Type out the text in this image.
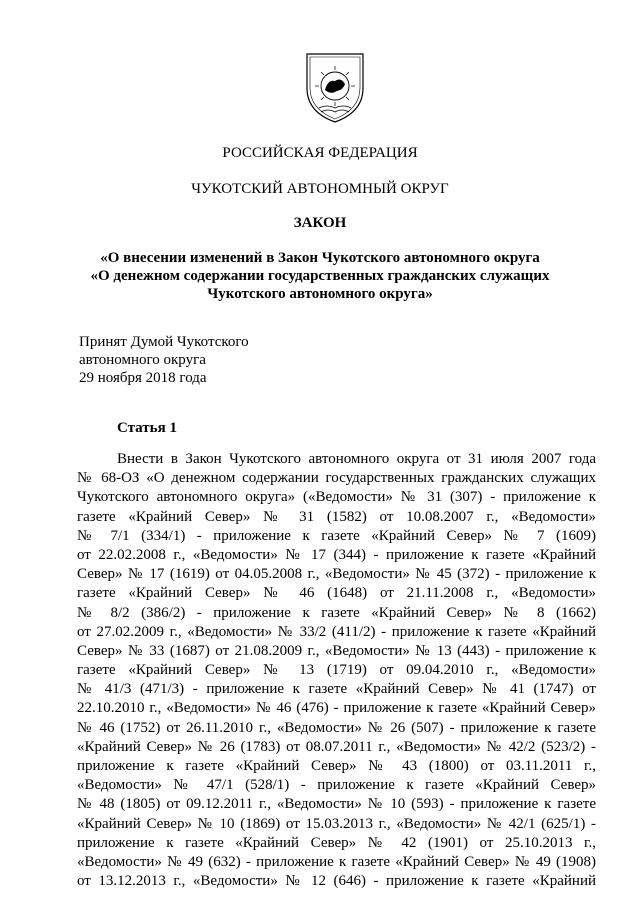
РОССИЙСКАЯ ФЕДЕРАЦИЯ
ЧУКОТСКИЙ АВТОНОМНЫЙ ОКРУГ
ЗАКОН
«О внесении изменений в Закон Чукотского автономного округа
«О денежном содержании государственных гражданских служащих
Чукотского автономного округа»
Принят Думой Чукотского
автономного округа
29 ноября 2018 года
Статья 1
Внести в Закон Чукотского автономного округа от 31 июля 2007 года
№ 68-ОЗ «О денежном содержании государственных гражданских служащих
Чукотского автономного округа» («Ведомости» № 31 (307) - приложение к
газете «Крайний Север» № 31 (1582) от 10.08.2007 г., «Ведомости»
№ 7/1 (334/1) - приложение к газете «Крайний Север» № 7 (1609)
от 22.02.2008 г., «Ведомости» № 17 (344) - приложение к газете «Крайний
Север» № 17 (1619) от 04.05.2008 г., «Ведомости» № 45 (372) - приложение к
газете «Крайний Север» № 46 (1648) от 21.11.2008 г., «Ведомости»
№ 8/2 (386/2) - приложение к газете «Крайний Север» № 8 (1662)
от 27.02.2009 г., «Ведомости» № 33/2 (411/2) - приложение к газете «Крайний
Север» № 33 (1687) от 21.08.2009 г., «Ведомости» № 13 (443) - приложение к
газете «Крайний Север» № 13 (1719) от 09.04.2010 г., «Ведомости»
№ 41/3 (471/3) - приложение к газете «Крайний Север» № 41 (1747) от
22.10.2010 г., «Ведомости» № 46 (476) - приложение к газете «Крайний Север»
№ 46 (1752) от 26.11.2010 г., «Ведомости» № 26 (507) - приложение к газете
«Крайний Север» № 26 (1783) от 08.07.2011 г., «Ведомости» № 42/2 (523/2) -
приложение к газете «Крайний Север» № 43 (1800) от 03.11.2011 г.,
«Ведомости» № 47/1 (528/1) - приложение к газете «Крайний Север»
№ 48 (1805) от 09.12.2011 г., «Ведомости» № 10 (593) - приложение к газете
«Крайний Север» № 10 (1869) от 15.03.2013 г., «Ведомости» № 42/1 (625/1) -
приложение к газете «Крайний Север» № 42 (1901) от 25.10.2013 г.,
«Ведомости» № 49 (632) - приложение к газете «Крайний Север» № 49 (1908)
от 13.12.2013 г., «Ведомости» № 12 (646) - приложение к газете «Крайний
